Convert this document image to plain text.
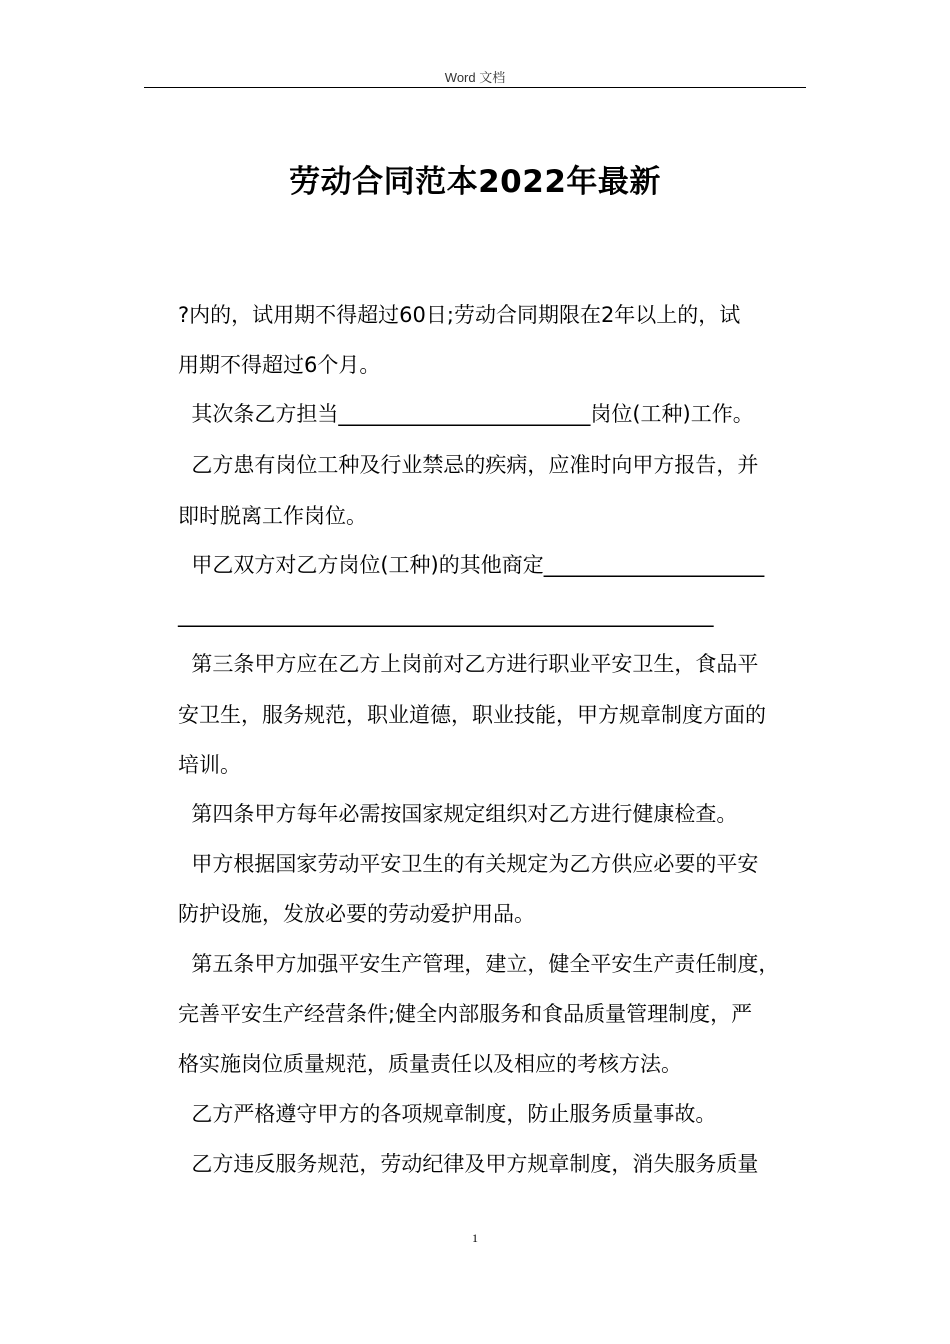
Word 文档
劳动合同范本2022年最新
?内的，试用期不得超过60日;劳动合同期限在2年以上的，试
用期不得超过6个月。
其次条乙方担当________________________岗位(工种)工作。
乙方患有岗位工种及行业禁忌的疾病，应准时向甲方报告，并
即时脱离工作岗位。
甲乙双方对乙方岗位(工种)的其他商定_____________________
___________________________________________________
第三条甲方应在乙方上岗前对乙方进行职业平安卫生，食品平
安卫生，服务规范，职业道德，职业技能，甲方规章制度方面的
培训。
第四条甲方每年必需按国家规定组织对乙方进行健康检查。
甲方根据国家劳动平安卫生的有关规定为乙方供应必要的平安
防护设施，发放必要的劳动爱护用品。
第五条甲方加强平安生产管理，建立，健全平安生产责任制度，
完善平安生产经营条件;健全内部服务和食品质量管理制度，严
格实施岗位质量规范，质量责任以及相应的考核方法。
乙方严格遵守甲方的各项规章制度，防止服务质量事故。
乙方违反服务规范，劳动纪律及甲方规章制度，消失服务质量
1
